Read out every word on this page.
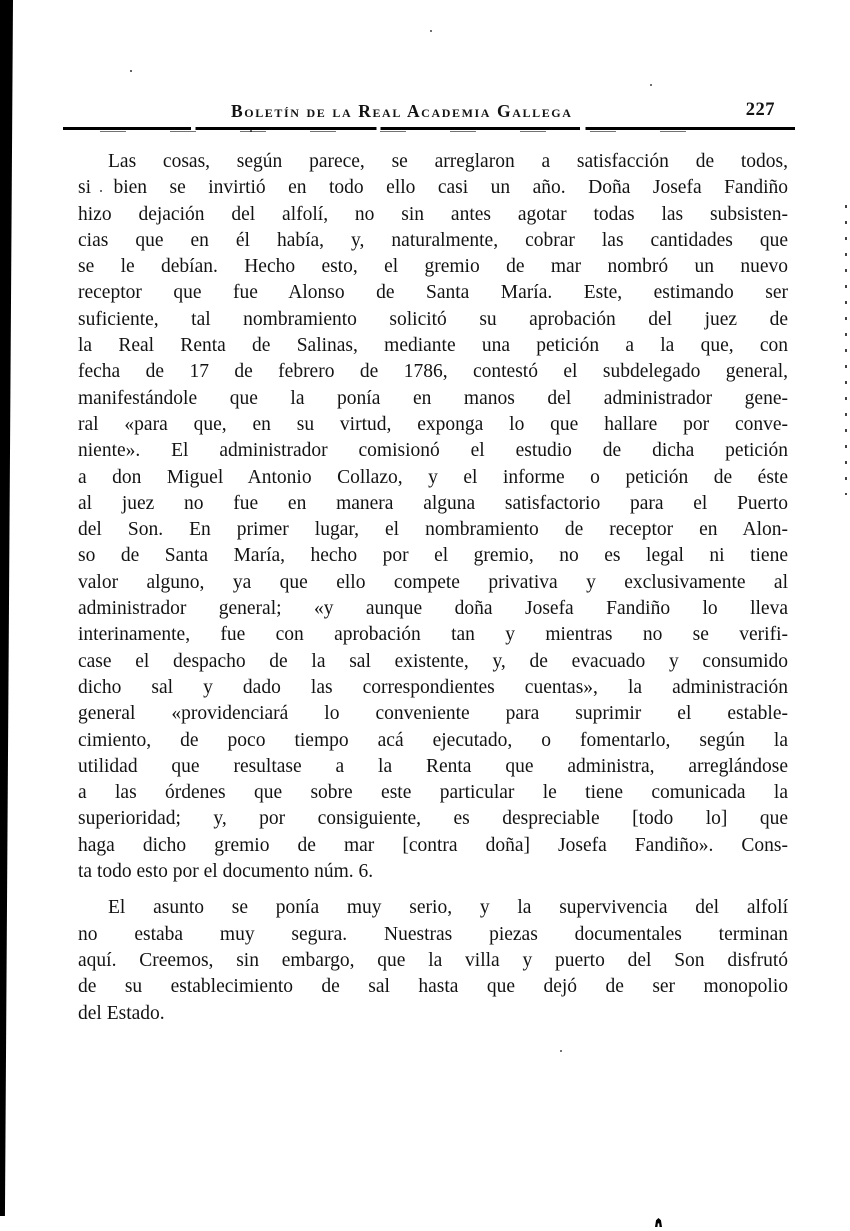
Boletín de la Real Academia Gallega	227
Las cosas, según parece, se arreglaron a satisfacción de todos,
si bien se invirtió en todo ello casi un año. Doña Josefa Fandiño
hizo dejación del alfolí, no sin antes agotar todas las subsisten-
cias que en él había, y, naturalmente, cobrar las cantidades que
se le debían. Hecho esto, el gremio de mar nombró un nuevo
receptor que fue Alonso de Santa María. Este, estimando ser
suficiente, tal nombramiento solicitó su aprobación del juez de
la Real Renta de Salinas, mediante una petición a la que, con
fecha de 17 de febrero de 1786, contestó el subdelegado general,
manifestándole que la ponía en manos del administrador gene-
ral «para que, en su virtud, exponga lo que hallare por conve-
niente». El administrador comisionó el estudio de dicha petición
a don Miguel Antonio Collazo, y el informe o petición de éste
al juez no fue en manera alguna satisfactorio para el Puerto
del Son. En primer lugar, el nombramiento de receptor en Alon-
so de Santa María, hecho por el gremio, no es legal ni tiene
valor alguno, ya que ello compete privativa y exclusivamente al
administrador general; «y aunque doña Josefa Fandiño lo lleva
interinamente, fue con aprobación tan y mientras no se verifi-
case el despacho de la sal existente, y, de evacuado y consumido
dicho sal y dado las correspondientes cuentas», la administración
general «providenciará lo conveniente para suprimir el estable-
cimiento, de poco tiempo acá ejecutado, o fomentarlo, según la
utilidad que resultase a la Renta que administra, arreglándose
a las órdenes que sobre este particular le tiene comunicada la
superioridad; y, por consiguiente, es despreciable [todo lo] que
haga dicho gremio de mar [contra doña] Josefa Fandiño». Cons-
ta todo esto por el documento núm. 6.
El asunto se ponía muy serio, y la supervivencia del alfolí
no estaba muy segura. Nuestras piezas documentales terminan
aquí. Creemos, sin embargo, que la villa y puerto del Son disfrutó
de su establecimiento de sal hasta que dejó de ser monopolio
del Estado.
